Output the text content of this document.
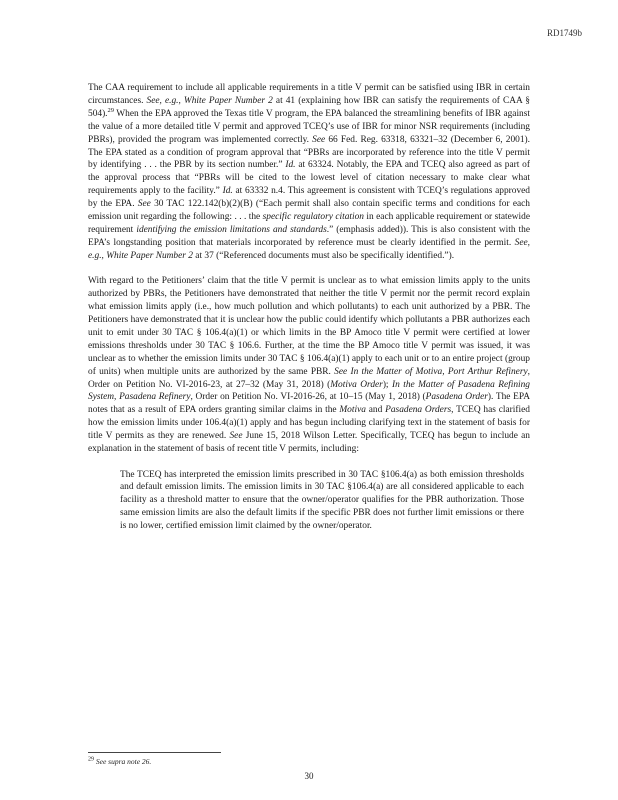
RD1749b

The CAA requirement to include all applicable requirements in a title V permit can be satisfied using IBR in certain circumstances. See, e.g., White Paper Number 2 at 41 (explaining how IBR can satisfy the requirements of CAA § 504).$^{29}$ When the EPA approved the Texas title V program, the EPA balanced the streamlining benefits of IBR against the value of a more detailed title V permit and approved TCEQ’s use of IBR for minor NSR requirements (including PBRs), provided the program was implemented correctly. See 66 Fed. Reg. 63318, 63321–32 (December 6, 2001). The EPA stated as a condition of program approval that “PBRs are incorporated by reference into the title V permit by identifying . . . the PBR by its section number.” Id. at 63324. Notably, the EPA and TCEQ also agreed as part of the approval process that “PBRs will be cited to the lowest level of citation necessary to make clear what requirements apply to the facility.” Id. at 63332 n.4. This agreement is consistent with TCEQ’s regulations approved by the EPA. See 30 TAC 122.142(b)(2)(B) (“Each permit shall also contain specific terms and conditions for each emission unit regarding the following: . . . the specific regulatory citation in each applicable requirement or statewide requirement identifying the emission limitations and standards.” (emphasis added)). This is also consistent with the EPA’s longstanding position that materials incorporated by reference must be clearly identified in the permit. See, e.g., White Paper Number 2 at 37 (“Referenced documents must also be specifically identified.”).

With regard to the Petitioners’ claim that the title V permit is unclear as to what emission limits apply to the units authorized by PBRs, the Petitioners have demonstrated that neither the title V permit nor the permit record explain what emission limits apply (i.e., how much pollution and which pollutants) to each unit authorized by a PBR. The Petitioners have demonstrated that it is unclear how the public could identify which pollutants a PBR authorizes each unit to emit under 30 TAC § 106.4(a)(1) or which limits in the BP Amoco title V permit were certified at lower emissions thresholds under 30 TAC § 106.6. Further, at the time the BP Amoco title V permit was issued, it was unclear as to whether the emission limits under 30 TAC § 106.4(a)(1) apply to each unit or to an entire project (group of units) when multiple units are authorized by the same PBR. See In the Matter of Motiva, Port Arthur Refinery, Order on Petition No. VI-2016-23, at 27–32 (May 31, 2018) (Motiva Order); In the Matter of Pasadena Refining System, Pasadena Refinery, Order on Petition No. VI-2016-26, at 10–15 (May 1, 2018) (Pasadena Order). The EPA notes that as a result of EPA orders granting similar claims in the Motiva and Pasadena Orders, TCEQ has clarified how the emission limits under 106.4(a)(1) apply and has begun including clarifying text in the statement of basis for title V permits as they are renewed. See June 15, 2018 Wilson Letter. Specifically, TCEQ has begun to include an explanation in the statement of basis of recent title V permits, including:

The TCEQ has interpreted the emission limits prescribed in 30 TAC §106.4(a) as both emission thresholds and default emission limits. The emission limits in 30 TAC §106.4(a) are all considered applicable to each facility as a threshold matter to ensure that the owner/operator qualifies for the PBR authorization. Those same emission limits are also the default limits if the specific PBR does not further limit emissions or there is no lower, certified emission limit claimed by the owner/operator.
$^{29}$ See supra note 26.
30
